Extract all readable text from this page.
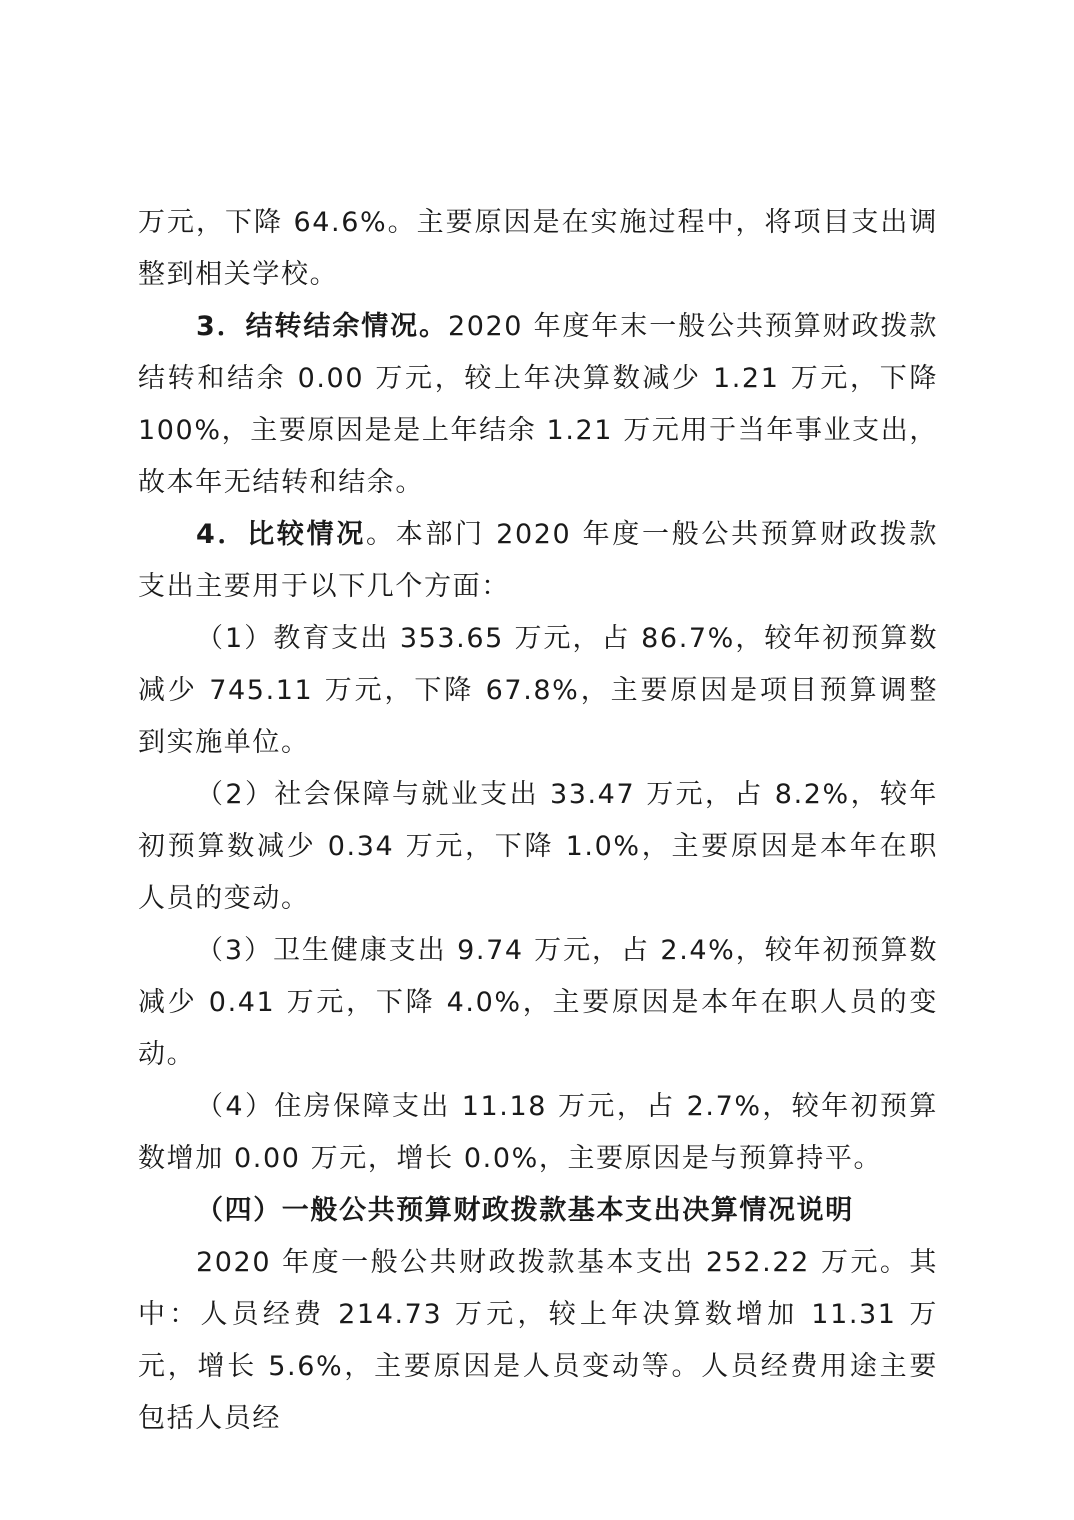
万元，下降 64.6%。主要原因是在实施过程中，将项目支出调整到相关学校。

3．结转结余情况。2020 年度年末一般公共预算财政拨款结转和结余 0.00 万元，较上年决算数减少 1.21 万元，下降 100%，主要原因是是上年结余 1.21 万元用于当年事业支出，故本年无结转和结余。

4．比较情况。本部门 2020 年度一般公共预算财政拨款支出主要用于以下几个方面：

（1）教育支出 353.65 万元，占 86.7%，较年初预算数减少 745.11 万元，下降 67.8%，主要原因是项目预算调整到实施单位。

（2）社会保障与就业支出 33.47 万元，占 8.2%，较年初预算数减少 0.34 万元，下降 1.0%，主要原因是本年在职人员的变动。

（3）卫生健康支出 9.74 万元，占 2.4%，较年初预算数减少 0.41 万元，下降 4.0%，主要原因是本年在职人员的变动。

（4）住房保障支出 11.18 万元，占 2.7%，较年初预算数增加 0.00 万元，增长 0.0%，主要原因是与预算持平。

（四）一般公共预算财政拨款基本支出决算情况说明

2020 年度一般公共财政拨款基本支出 252.22 万元。其中：人员经费 214.73 万元，较上年决算数增加 11.31 万元，增长 5.6%，主要原因是人员变动等。人员经费用途主要包括人员经
